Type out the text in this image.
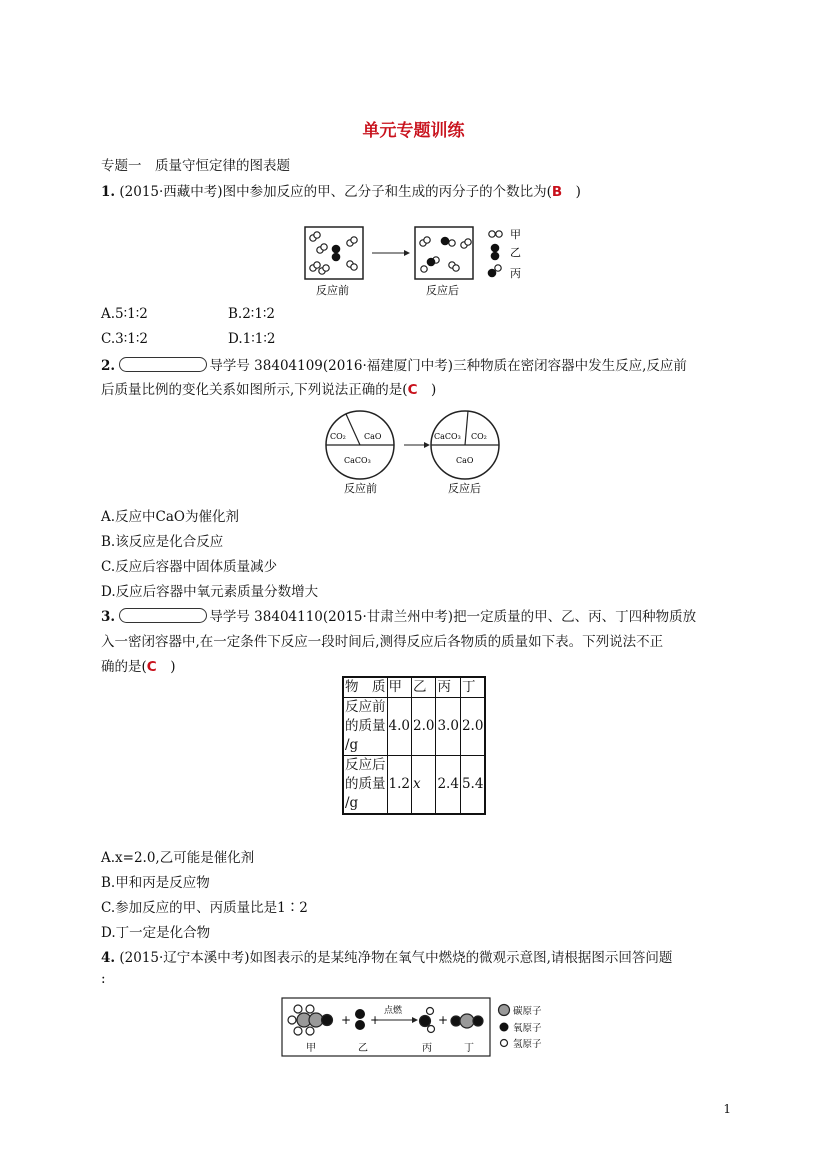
单元专题训练
专题一　质量守恒定律的图表题
1. (2015·西藏中考)图中参加反应的甲、乙分子和生成的丙分子的个数比为(B　 )
甲
乙
丙
反应前	反应后
A.5∶1∶2	B.2∶1∶2
C.3∶1∶2	D.1∶1∶2
2.	导学号 38404109(2016·福建厦门中考)三种物质在密闭容器中发生反应,反应前
后质量比例的变化关系如图所示,下列说法正确的是(C　 )
CO₂ CaO
CaCO₃
CaCO₃ CO₂
CaO
反应前	反应后
A.反应中CaO为催化剂
B.该反应是化合反应
C.反应后容器中固体质量减少
D.反应后容器中氧元素质量分数增大
3.	导学号 38404110(2015·甘肃兰州中考)把一定质量的甲、乙、丙、丁四种物质放
入一密闭容器中,在一定条件下反应一段时间后,测得反应后各物质的质量如下表。下列说法不正
确的是(C　 )
物　质	甲	乙	丙	丁

反应前
的质量
/g	4.0	2.0	3.0	2.0

反应后
的质量
/g	1.2	x	2.4	5.4
A.x=2.0,乙可能是催化剂
B.甲和丙是反应物
C.参加反应的甲、丙质量比是1∶2
D.丁一定是化合物
4. (2015·辽宁本溪中考)如图表示的是某纯净物在氧气中燃烧的微观示意图,请根据图示回答问题
:
+ +
点燃
+
甲	乙	丙	丁
碳原子
氧原子
氢原子
1
